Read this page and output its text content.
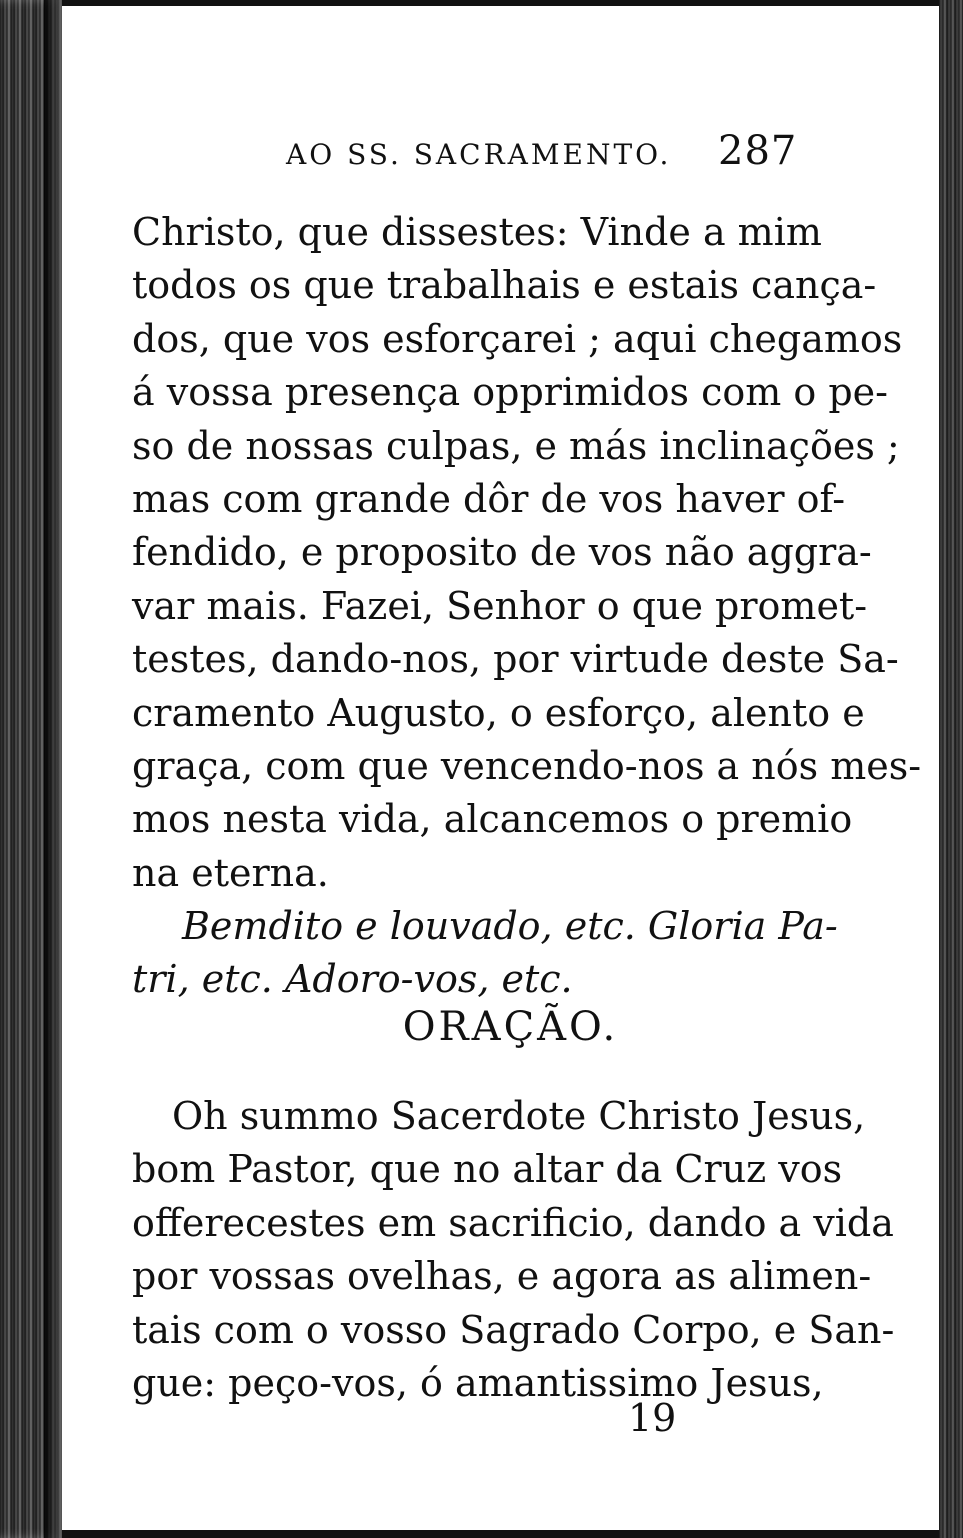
AO SS. SACRAMENTO. 287
Christo, que dissestes: Vinde a mim
todos os que trabalhais e estais cança-
dos, que vos esforçarei ; aqui chegamos
á vossa presença opprimidos com o pe-
so de nossas culpas, e más inclinações ;
mas com grande dôr de vos haver of-
fendido, e proposito de vos não aggra-
var mais. Fazei, Senhor o que promet-
testes, dando-nos, por virtude deste Sa-
cramento Augusto, o esforço, alento e
graça, com que vencendo-nos a nós mes-
mos nesta vida, alcancemos o premio
na eterna.
Bemdito e louvado, etc. Gloria Pa-
tri, etc. Adoro-vos, etc.
ORAÇÃO.
Oh summo Sacerdote Christo Jesus,
bom Pastor, que no altar da Cruz vos
offerecestes em sacrificio, dando a vida
por vossas ovelhas, e agora as alimen-
tais com o vosso Sagrado Corpo, e San-
gue: peço-vos, ó amantissimo Jesus,
19
